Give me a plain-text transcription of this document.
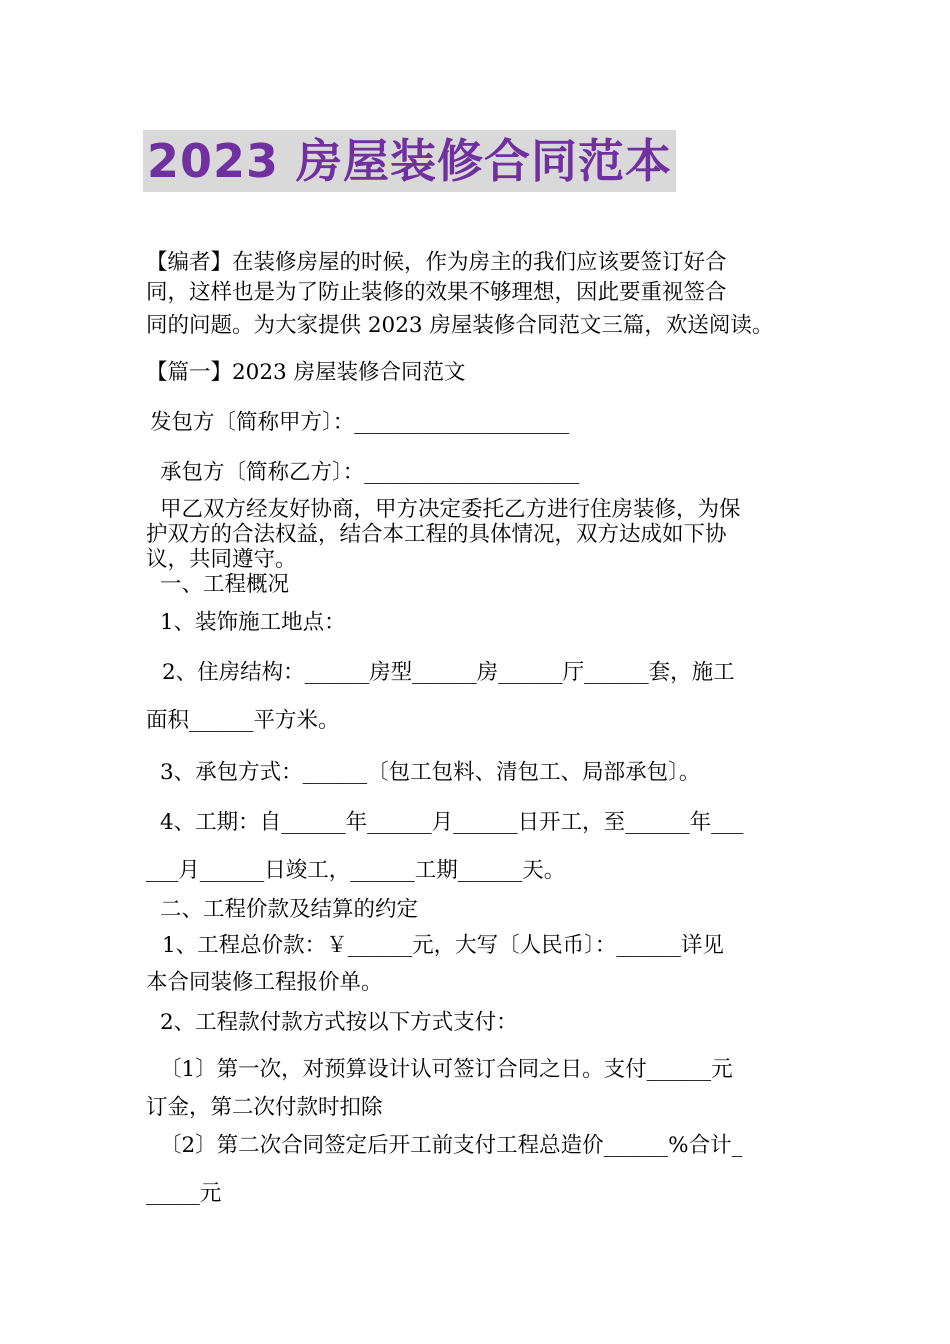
2023 房屋装修合同范本
【编者】在装修房屋的时候，作为房主的我们应该要签订好合
同，这样也是为了防止装修的效果不够理想，因此要重视签合
同的问题。为大家提供 2023 房屋装修合同范文三篇，欢送阅读。
【篇一】2023 房屋装修合同范文
发包方〔简称甲方〕：____________________
承包方〔简称乙方〕：____________________
甲乙双方经友好协商，甲方决定委托乙方进行住房装修，为保
护双方的合法权益，结合本工程的具体情况，双方达成如下协
议，共同遵守。
一、工程概况
1、装饰施工地点：
2、住房结构：______房型______房______厅______套，施工
面积______平方米。
3、承包方式：______〔包工包料、清包工、局部承包〕。
4、工期：自______年______月______日开工，至______年___
___月______日竣工，______工期______天。
二、工程价款及结算的约定
1、工程总价款：￥______元，大写〔人民币〕：______详见
本合同装修工程报价单。
2、工程款付款方式按以下方式支付：
〔1〕第一次，对预算设计认可签订合同之日。支付______元
订金，第二次付款时扣除
〔2〕第二次合同签定后开工前支付工程总造价______%合计_
_____元
